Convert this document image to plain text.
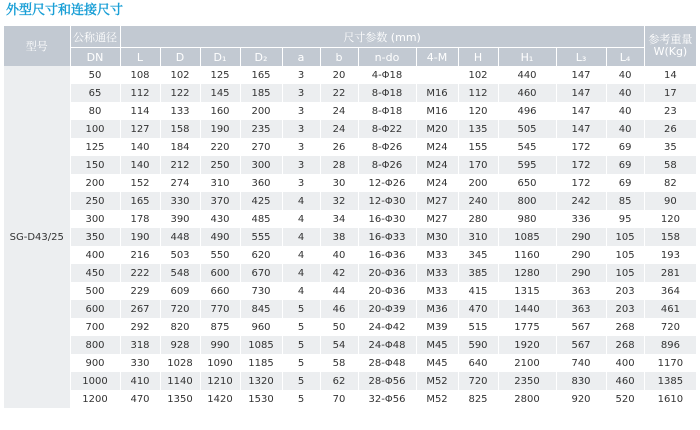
外型尺寸和连接尺寸
型号	公称通径	尺寸参数 (mm)												参考重量
W(Kg)
	DN	L	D	D₁	D₂	a	b	n-do	4-M	H	H₁	L₃	L₄	
SG-D43/25	50	108	102	125	165	3	20	4-Φ18		102	440	147	40	14
	65	112	122	145	185	3	22	8-Φ18	M16	112	460	147	40	17
	80	114	133	160	200	3	24	8-Φ18	M16	120	496	147	40	23
	100	127	158	190	235	3	24	8-Φ22	M20	135	505	147	40	26
	125	140	184	220	270	3	26	8-Φ26	M24	155	545	172	69	35
	150	140	212	250	300	3	28	8-Φ26	M24	170	595	172	69	58
	200	152	274	310	360	3	30	12-Φ26	M24	200	650	172	69	82
	250	165	330	370	425	4	32	12-Φ30	M27	240	800	242	85	90
	300	178	390	430	485	4	34	16-Φ30	M27	280	980	336	95	120
	350	190	448	490	555	4	38	16-Φ33	M30	310	1085	290	105	158
	400	216	503	550	620	4	40	16-Φ36	M33	345	1160	290	105	193
	450	222	548	600	670	4	42	20-Φ36	M33	385	1280	290	105	281
	500	229	609	660	730	4	44	20-Φ36	M33	415	1315	363	203	364
	600	267	720	770	845	5	46	20-Φ39	M36	470	1440	363	203	461
	700	292	820	875	960	5	50	24-Φ42	M39	515	1775	567	268	720
	800	318	928	990	1085	5	54	24-Φ48	M45	590	1920	567	268	896
	900	330	1028	1090	1185	5	58	28-Φ48	M45	640	2100	740	400	1170
	1000	410	1140	1210	1320	5	62	28-Φ56	M52	720	2350	830	460	1385
	1200	470	1350	1420	1530	5	70	32-Φ56	M52	825	2800	920	520	1610
